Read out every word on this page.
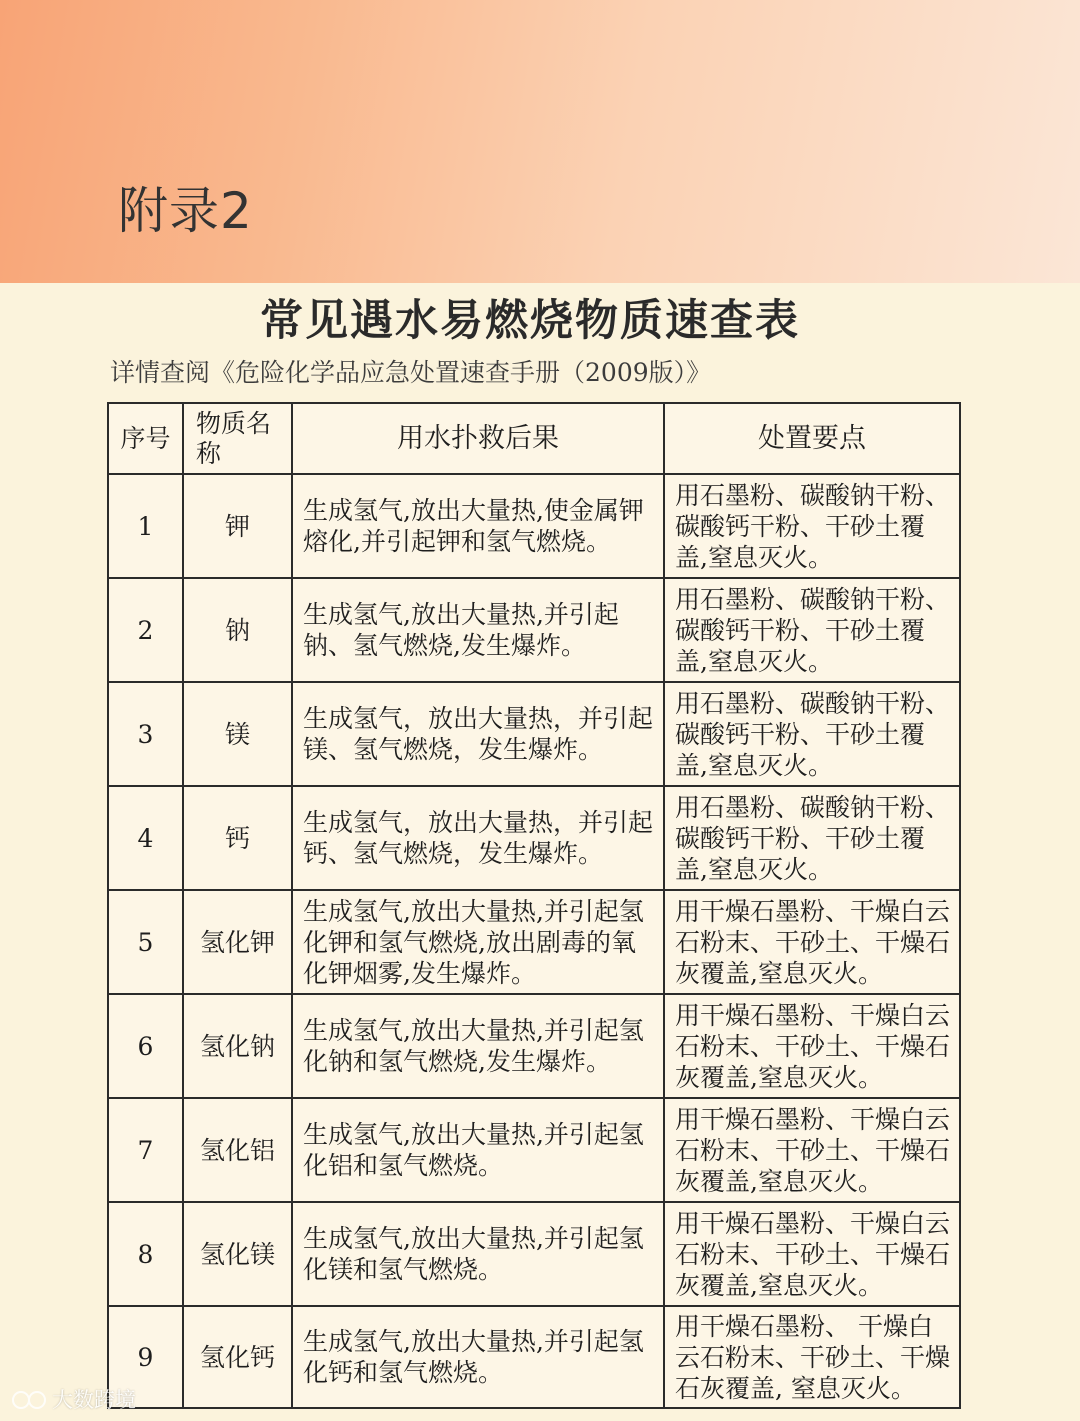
附录2
常见遇水易燃烧物质速查表
详情查阅《危险化学品应急处置速查手册（2009版）》
序号	物质名称	用水扑救后果	处置要点
1	钾	生成氢气,放出大量热,使金属钾熔化,并引起钾和氢气燃烧。	用石墨粉、碳酸钠干粉、碳酸钙干粉、干砂土覆盖,窒息灭火。
2	钠	生成氢气,放出大量热,并引起钠、氢气燃烧,发生爆炸。	用石墨粉、碳酸钠干粉、碳酸钙干粉、干砂土覆盖,窒息灭火。
3	镁	生成氢气，放出大量热，并引起镁、氢气燃烧，发生爆炸。	用石墨粉、碳酸钠干粉、碳酸钙干粉、干砂土覆盖,窒息灭火。
4	钙	生成氢气，放出大量热，并引起钙、氢气燃烧，发生爆炸。	用石墨粉、碳酸钠干粉、碳酸钙干粉、干砂土覆盖,窒息灭火。
5	氢化钾	生成氢气,放出大量热,并引起氢化钾和氢气燃烧,放出剧毒的氧化钾烟雾,发生爆炸。	用干燥石墨粉、干燥白云石粉末、干砂土、干燥石灰覆盖,窒息灭火。
6	氢化钠	生成氢气,放出大量热,并引起氢化钠和氢气燃烧,发生爆炸。	用干燥石墨粉、干燥白云石粉末、干砂土、干燥石灰覆盖,窒息灭火。
7	氢化铝	生成氢气,放出大量热,并引起氢化铝和氢气燃烧。	用干燥石墨粉、干燥白云石粉末、干砂土、干燥石灰覆盖,窒息灭火。
8	氢化镁	生成氢气,放出大量热,并引起氢化镁和氢气燃烧。	用干燥石墨粉、干燥白云石粉末、干砂土、干燥石灰覆盖,窒息灭火。
9	氢化钙	生成氢气,放出大量热,并引起氢化钙和氢气燃烧。	用干燥石墨粉、 干燥白云石粉末、干砂土、干燥石灰覆盖, 窒息灭火。
大数跨境
